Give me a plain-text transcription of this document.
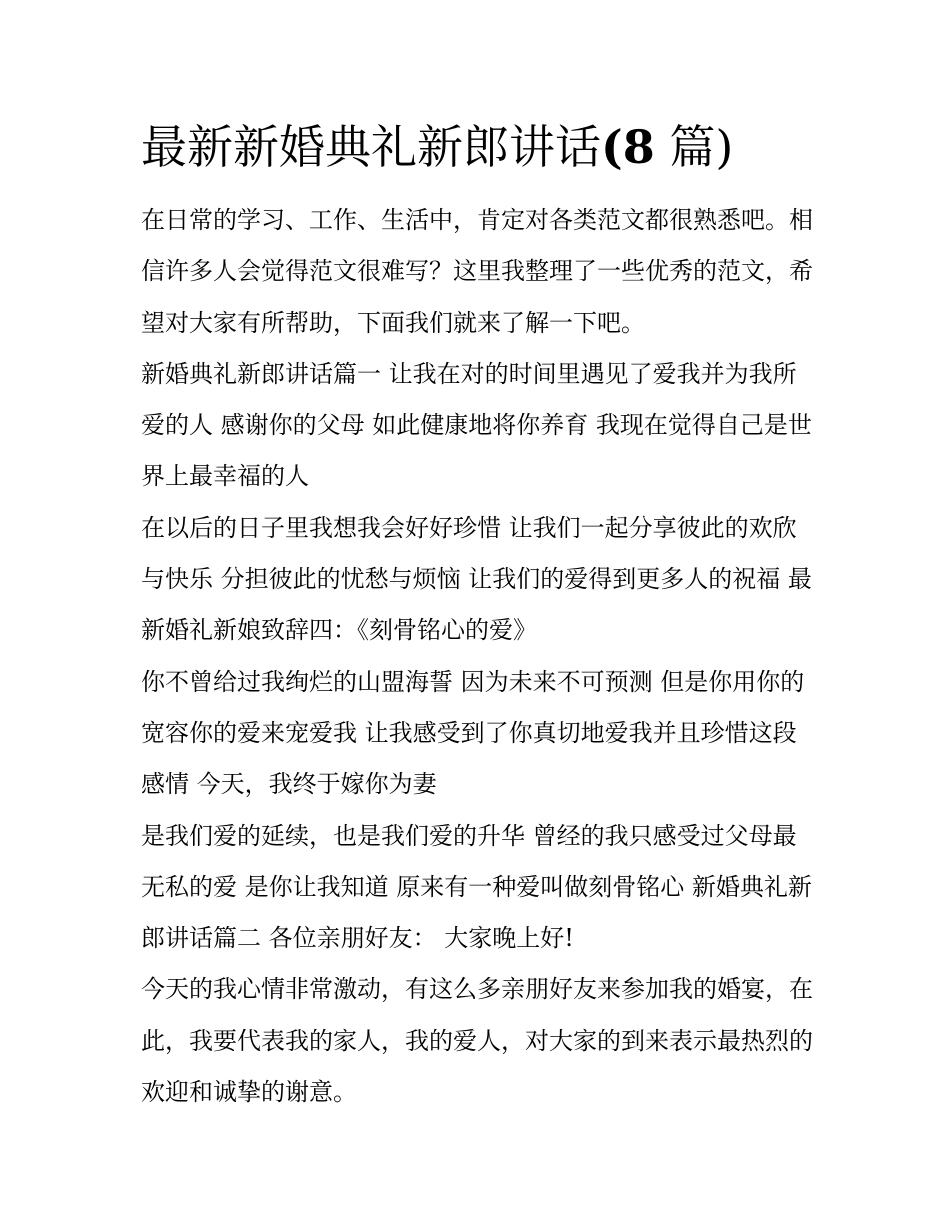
最新新婚典礼新郎讲话(8 篇)

在日常的学习、工作、生活中，肯定对各类范文都很熟悉吧。相信许多人会觉得范文很难写？这里我整理了一些优秀的范文，希望对大家有所帮助，下面我们就来了解一下吧。

新婚典礼新郎讲话篇一 让我在对的时间里遇见了爱我并为我所爱的人 感谢你的父母 如此健康地将你养育 我现在觉得自己是世界上最幸福的人

在以后的日子里我想我会好好珍惜 让我们一起分享彼此的欢欣与快乐 分担彼此的忧愁与烦恼 让我们的爱得到更多人的祝福 最新婚礼新娘致辞四：《刻骨铭心的爱》

你不曾给过我绚烂的山盟海誓 因为未来不可预测 但是你用你的宽容你的爱来宠爱我 让我感受到了你真切地爱我并且珍惜这段感情 今天，我终于嫁你为妻

是我们爱的延续，也是我们爱的升华 曾经的我只感受过父母最无私的爱 是你让我知道 原来有一种爱叫做刻骨铭心 新婚典礼新郎讲话篇二 各位亲朋好友： 大家晚上好!

今天的我心情非常激动，有这么多亲朋好友来参加我的婚宴，在此，我要代表我的家人，我的爱人，对大家的到来表示最热烈的欢迎和诚挚的谢意。
